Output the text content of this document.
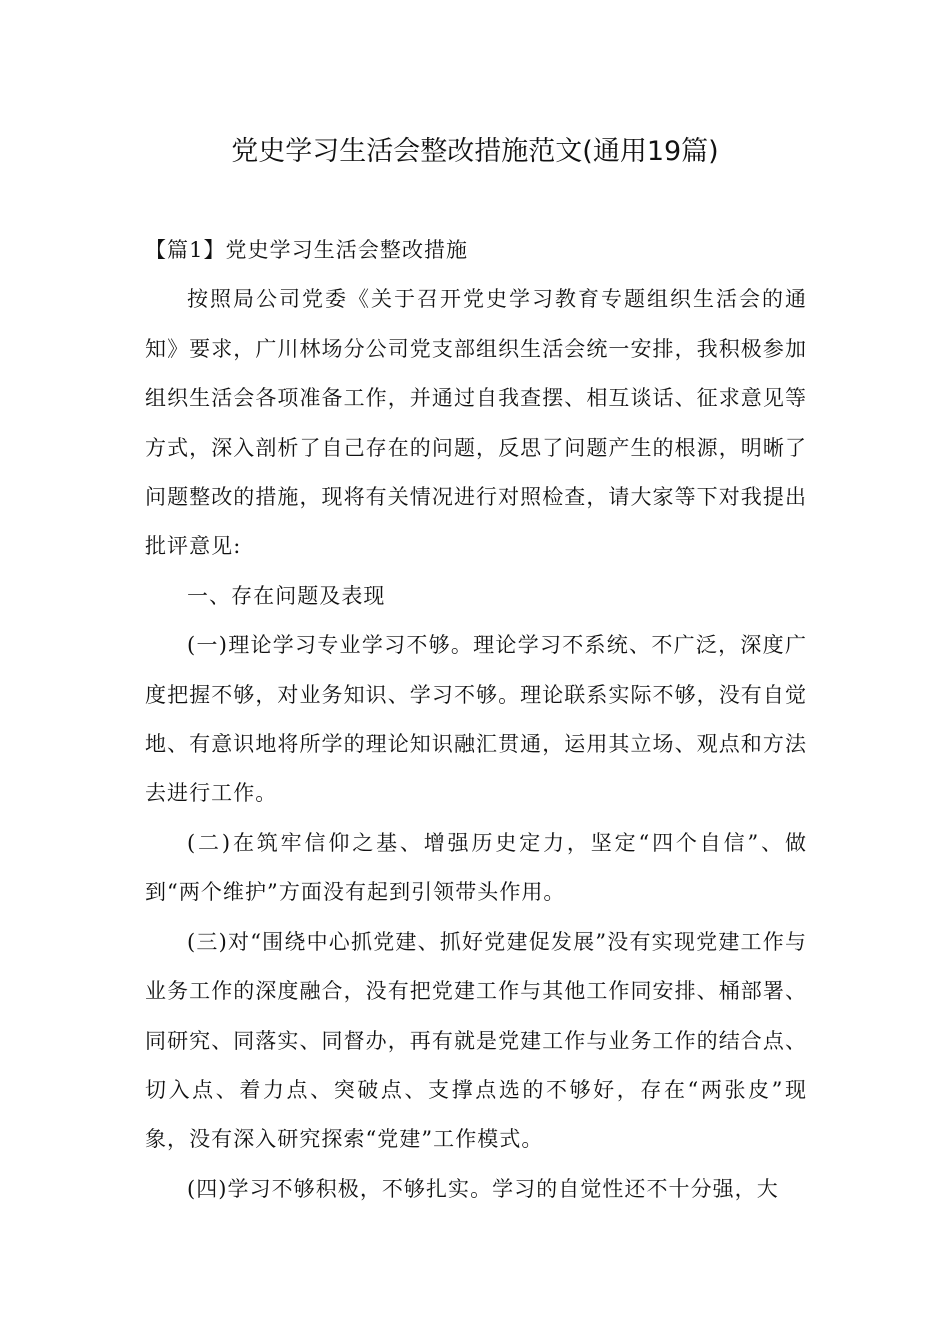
党史学习生活会整改措施范文(通用19篇)

【篇1】党史学习生活会整改措施

按照局公司党委《关于召开党史学习教育专题组织生活会的通知》要求，广川林场分公司党支部组织生活会统一安排，我积极参加组织生活会各项准备工作，并通过自我查摆、相互谈话、征求意见等方式，深入剖析了自己存在的问题，反思了问题产生的根源，明晰了问题整改的措施，现将有关情况进行对照检查，请大家等下对我提出批评意见:

一、存在问题及表现

(一)理论学习专业学习不够。理论学习不系统、不广泛，深度广度把握不够，对业务知识、学习不够。理论联系实际不够，没有自觉地、有意识地将所学的理论知识融汇贯通，运用其立场、观点和方法去进行工作。

(二)在筑牢信仰之基、增强历史定力，坚定“四个自信”、做到“两个维护”方面没有起到引领带头作用。

(三)对“围绕中心抓党建、抓好党建促发展”没有实现党建工作与业务工作的深度融合，没有把党建工作与其他工作同安排、桶部署、同研究、同落实、同督办，再有就是党建工作与业务工作的结合点、切入点、着力点、突破点、支撑点选的不够好，存在“两张皮”现象，没有深入研究探索“党建”工作模式。

(四)学习不够积极，不够扎实。学习的自觉性还不十分强，大
